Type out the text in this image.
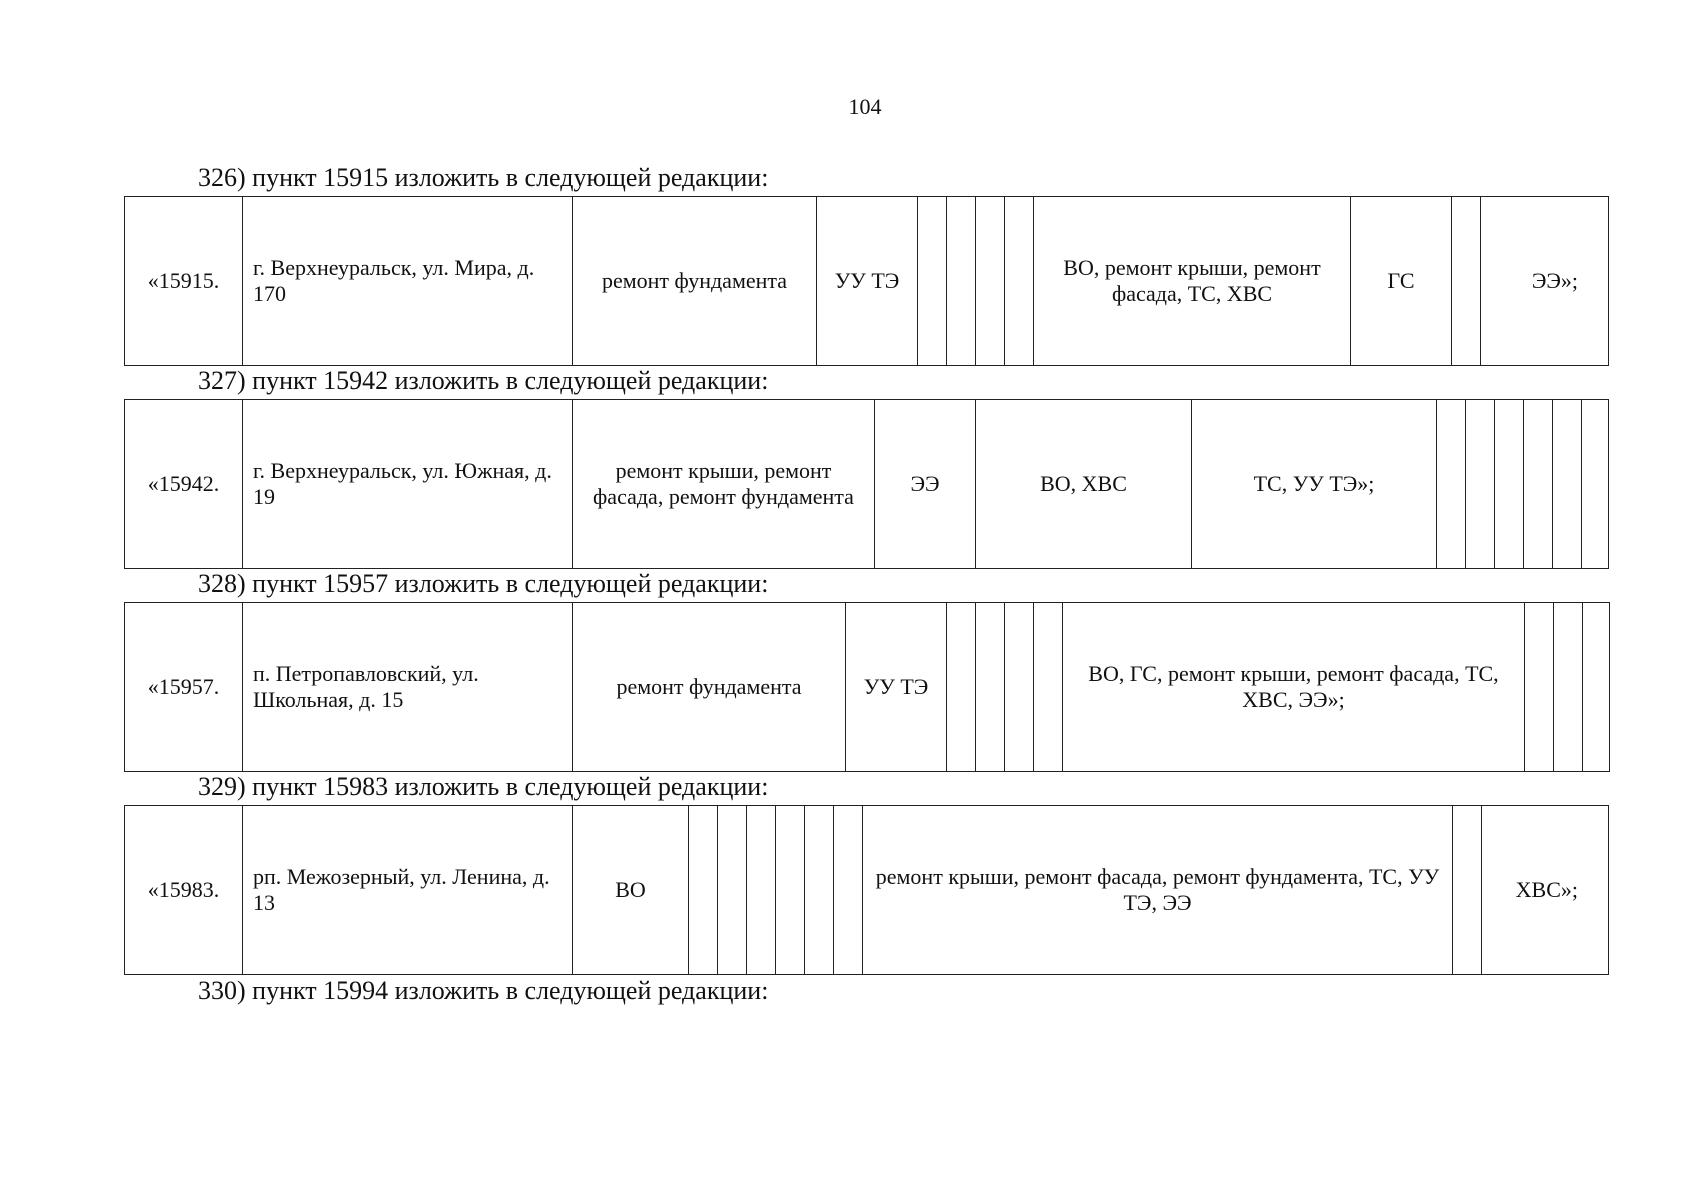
104
326) пункт 15915 изложить в следующей редакции:
«15915.	г. Верхнеуральск, ул. Мира, д. 170	ремонт фундамента	УУ ТЭ					ВО, ремонт крыши, ремонт фасада, ТС, ХВС	ГС		ЭЭ»;
327) пункт 15942 изложить в следующей редакции:
«15942.	г. Верхнеуральск, ул. Южная, д. 19	ремонт крыши, ремонт фасада, ремонт фундамента	ЭЭ	ВО, ХВС	ТС, УУ ТЭ»;						
328) пункт 15957 изложить в следующей редакции:
«15957.	п. Петропавловский, ул. Школьная, д. 15	ремонт фундамента	УУ ТЭ					ВО, ГС, ремонт крыши, ремонт фасада, ТС, ХВС, ЭЭ»;			
329) пункт 15983 изложить в следующей редакции:
«15983.	рп. Межозерный, ул. Ленина, д. 13	ВО							ремонт крыши, ремонт фасада, ремонт фундамента, ТС, УУ ТЭ, ЭЭ		ХВС»;
330) пункт 15994 изложить в следующей редакции:
